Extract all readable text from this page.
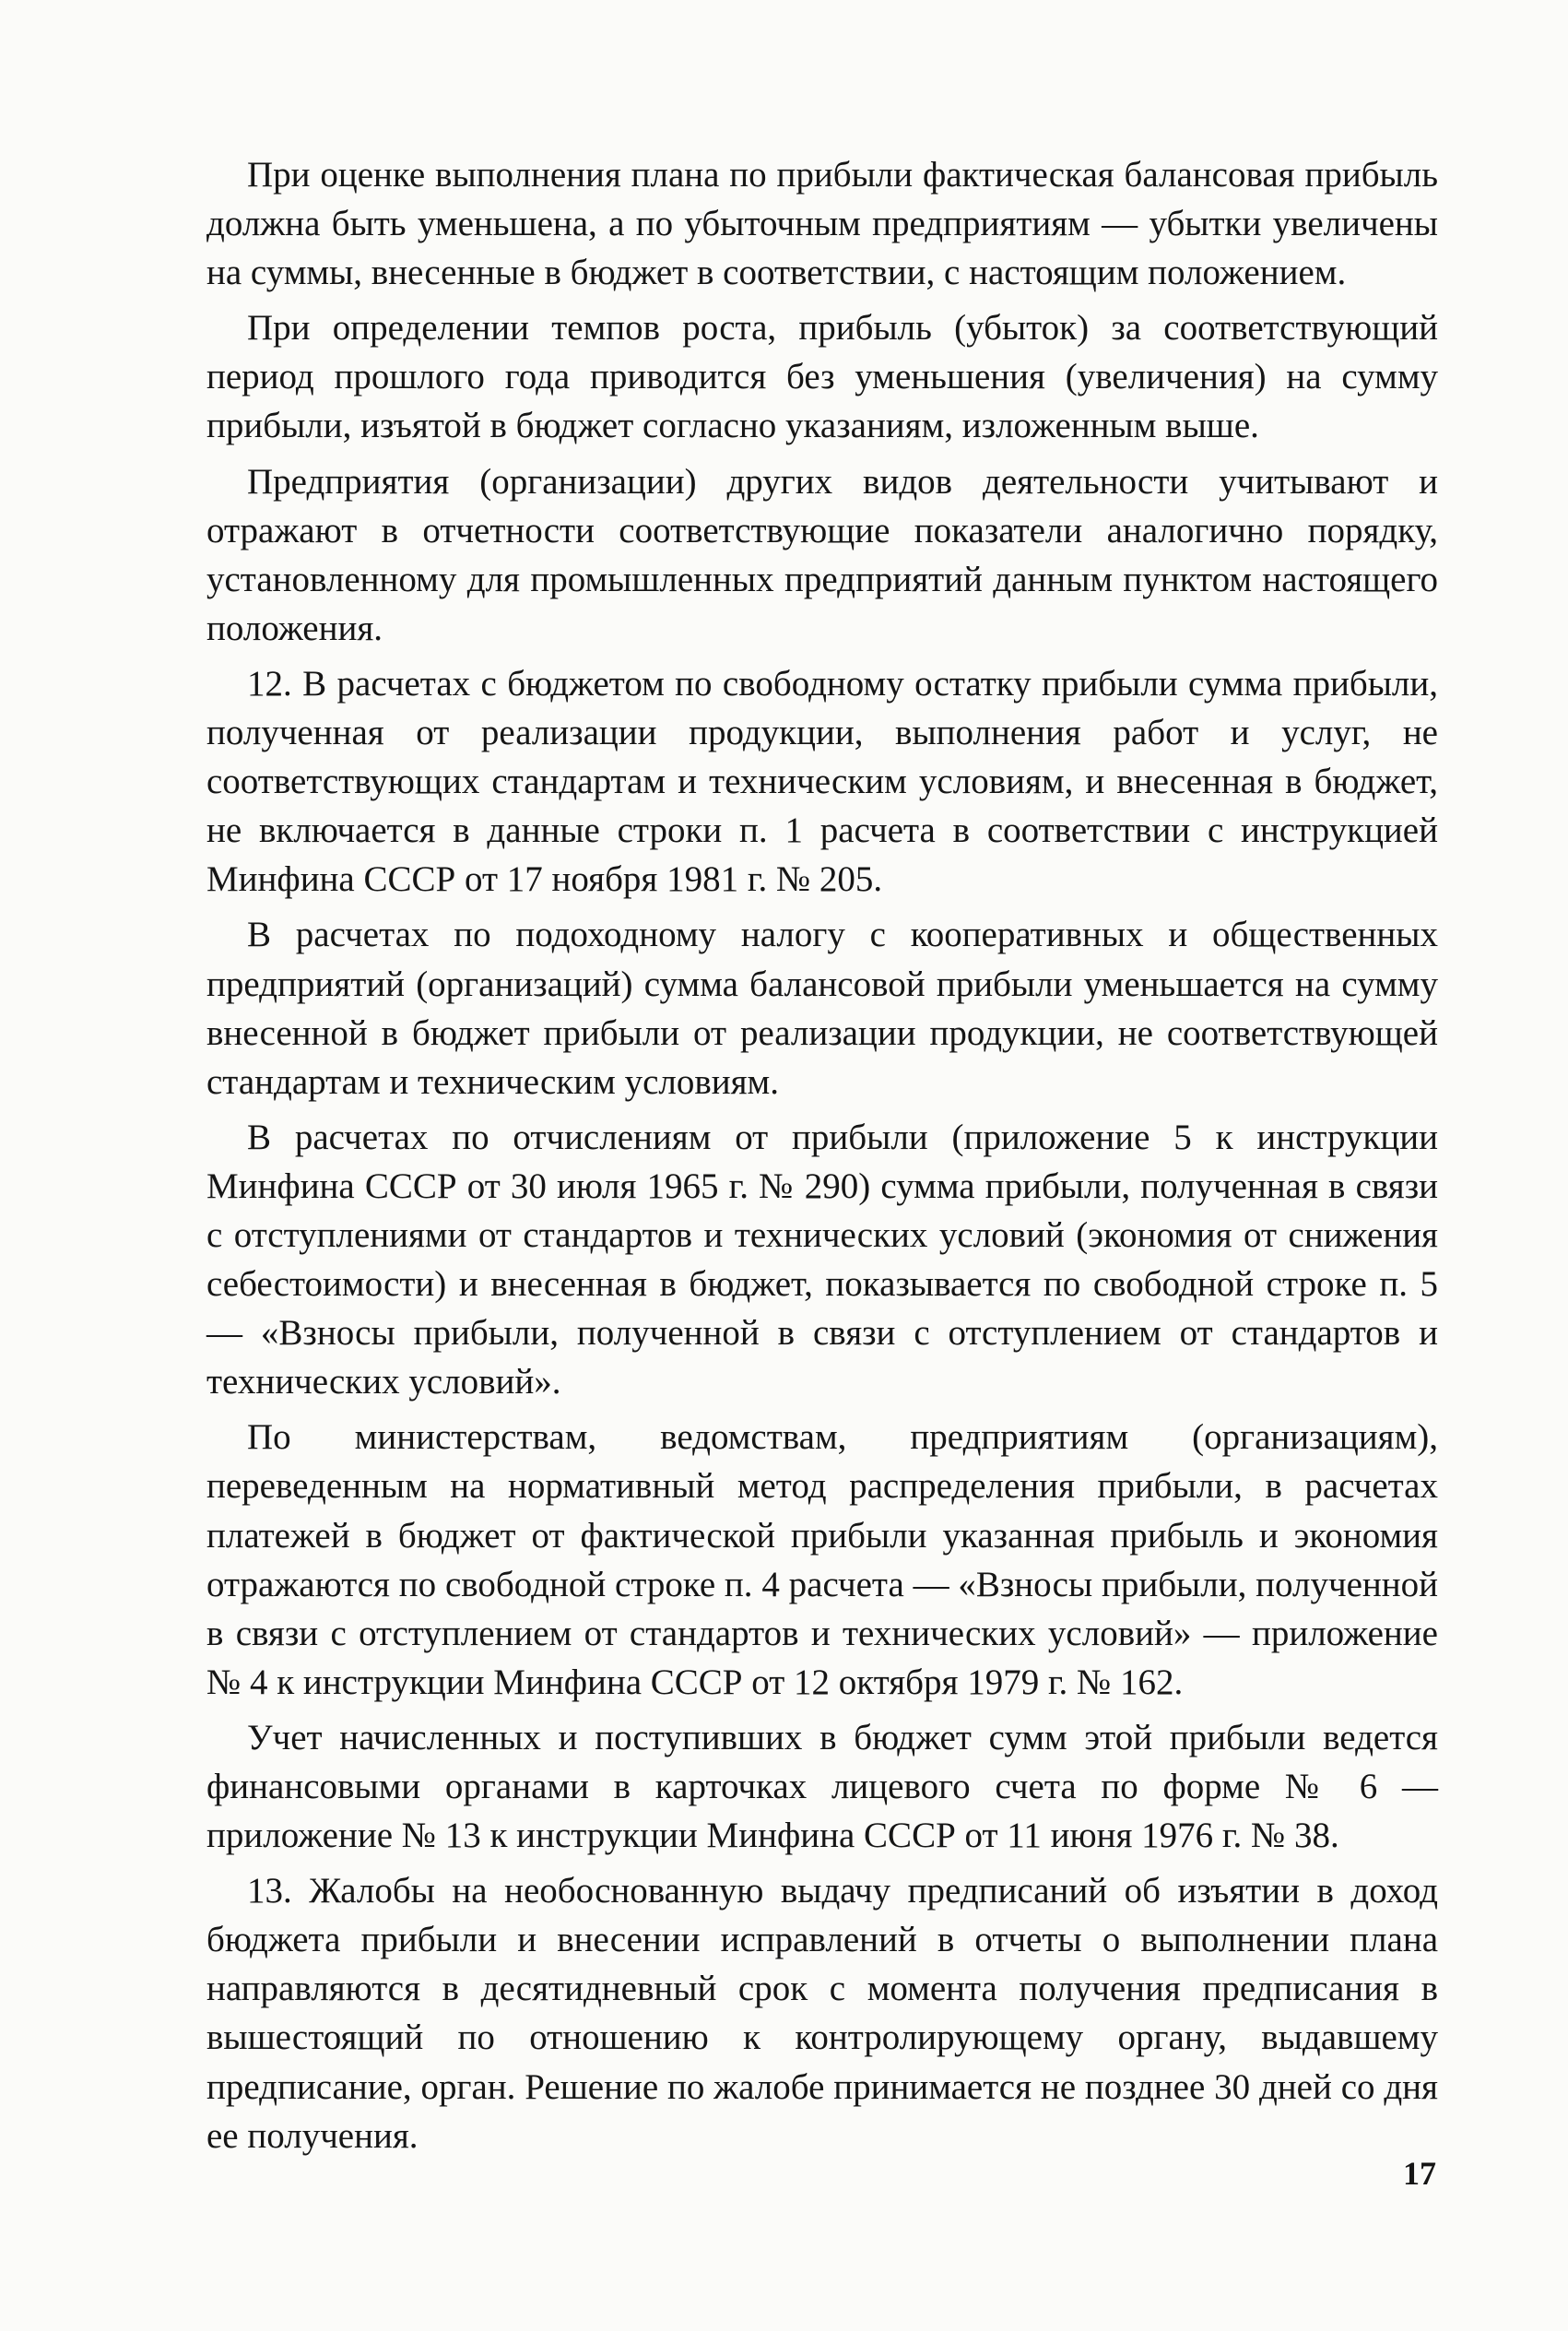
При оценке выполнения плана по прибыли фактическая балансовая прибыль должна быть уменьшена, а по убыточным предприятиям — убытки увеличены на суммы, внесенные в бюджет в соответствии, с настоящим положением.

При определении темпов роста, прибыль (убыток) за соответствующий период прошлого года приводится без уменьшения (увеличения) на сумму прибыли, изъятой в бюджет согласно указаниям, изложенным выше.

Предприятия (организации) других видов деятельности учитывают и отражают в отчетности соответствующие показатели аналогично порядку, установленному для промышленных предприятий данным пунктом настоящего положения.

12. В расчетах с бюджетом по свободному остатку прибыли сумма прибыли, полученная от реализации продукции, выполнения работ и услуг, не соответствующих стандартам и техническим условиям, и внесенная в бюджет, не включается в данные строки п. 1 расчета в соответствии с инструкцией Минфина СССР от 17 ноября 1981 г. № 205.

В расчетах по подоходному налогу с кооперативных и общественных предприятий (организаций) сумма балансовой прибыли уменьшается на сумму внесенной в бюджет прибыли от реализации продукции, не соответствующей стандартам и техническим условиям.

В расчетах по отчислениям от прибыли (приложение 5 к инструкции Минфина СССР от 30 июля 1965 г. № 290) сумма прибыли, полученная в связи с отступлениями от стандартов и технических условий (экономия от снижения себестоимости) и внесенная в бюджет, показывается по свободной строке п. 5 — «Взносы прибыли, полученной в связи с отступлением от стандартов и технических условий».

По министерствам, ведомствам, предприятиям (организациям), переведенным на нормативный метод распределения прибыли, в расчетах платежей в бюджет от фактической прибыли указанная прибыль и экономия отражаются по свободной строке п. 4 расчета — «Взносы прибыли, полученной в связи с отступлением от стандартов и технических условий» — приложение № 4 к инструкции Минфина СССР от 12 октября 1979 г. № 162.

Учет начисленных и поступивших в бюджет сумм этой прибыли ведется финансовыми органами в карточках лицевого счета по форме № 6 — приложение № 13 к инструкции Минфина СССР от 11 июня 1976 г. № 38.

13. Жалобы на необоснованную выдачу предписаний об изъятии в доход бюджета прибыли и внесении исправлений в отчеты о выполнении плана направляются в десятидневный срок с момента получения предписания в вышестоящий по отношению к контролирующему органу, выдавшему предписание, орган. Решение по жалобе принимается не позднее 30 дней со дня ее получения.

17
